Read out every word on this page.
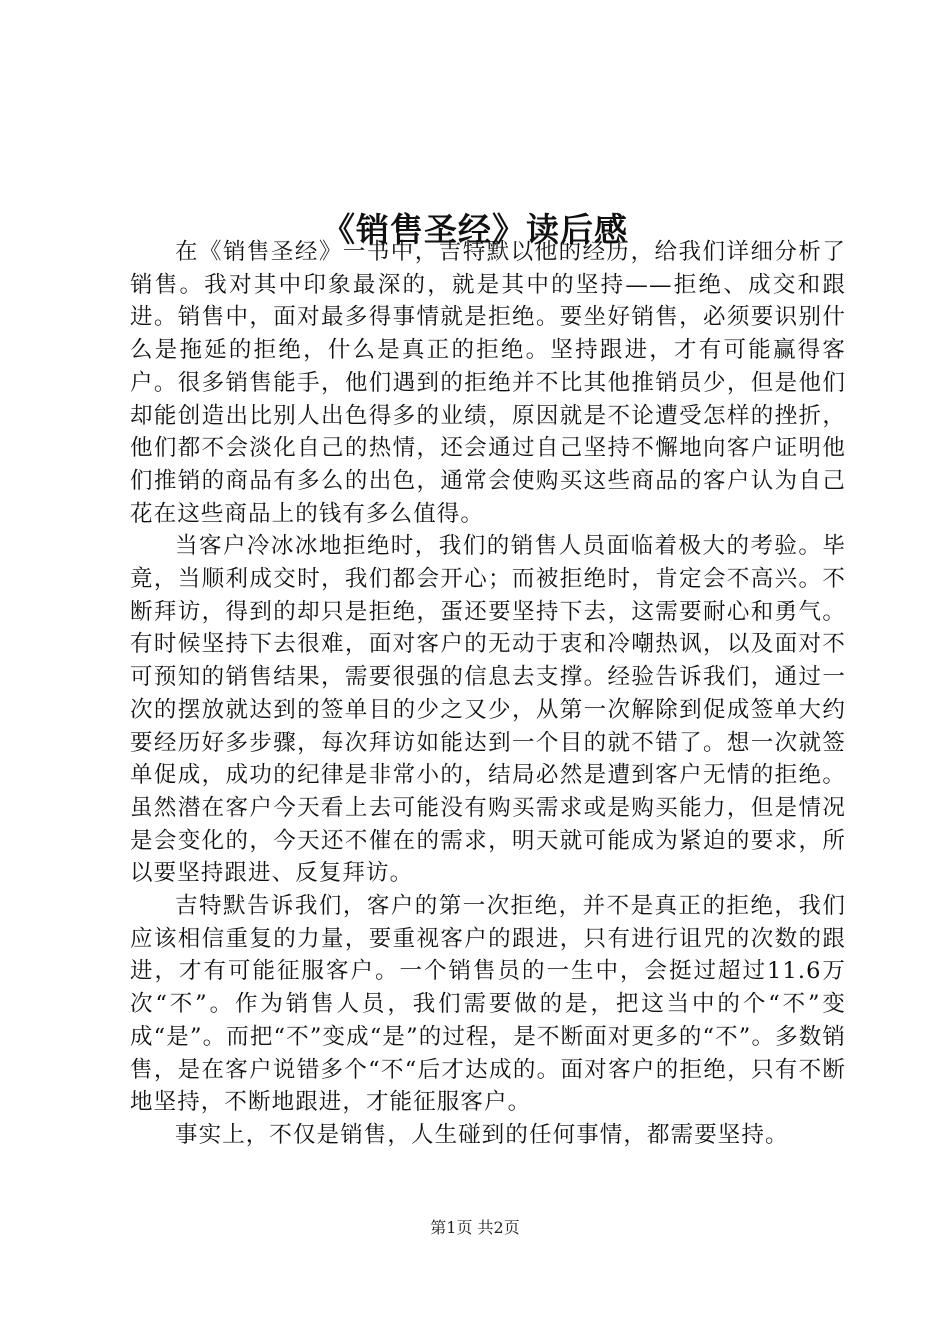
《销售圣经》读后感

在《销售圣经》一书中，吉特默以他的经历，给我们详细分析了销售。我对其中印象最深的，就是其中的坚持——拒绝、成交和跟进。销售中，面对最多得事情就是拒绝。要坐好销售，必须要识别什么是拖延的拒绝，什么是真正的拒绝。坚持跟进，才有可能赢得客户。很多销售能手，他们遇到的拒绝并不比其他推销员少，但是他们却能创造出比别人出色得多的业绩，原因就是不论遭受怎样的挫折，他们都不会淡化自己的热情，还会通过自己坚持不懈地向客户证明他们推销的商品有多么的出色，通常会使购买这些商品的客户认为自己花在这些商品上的钱有多么值得。

当客户冷冰冰地拒绝时，我们的销售人员面临着极大的考验。毕竟，当顺利成交时，我们都会开心；而被拒绝时，肯定会不高兴。不断拜访，得到的却只是拒绝，蛋还要坚持下去，这需要耐心和勇气。有时候坚持下去很难，面对客户的无动于衷和冷嘲热讽，以及面对不可预知的销售结果，需要很强的信息去支撑。经验告诉我们，通过一次的摆放就达到的签单目的少之又少，从第一次解除到促成签单大约要经历好多步骤，每次拜访如能达到一个目的就不错了。想一次就签单促成，成功的纪律是非常小的，结局必然是遭到客户无情的拒绝。虽然潜在客户今天看上去可能没有购买需求或是购买能力，但是情况是会变化的，今天还不催在的需求，明天就可能成为紧迫的要求，所以要坚持跟进、反复拜访。

吉特默告诉我们，客户的第一次拒绝，并不是真正的拒绝，我们应该相信重复的力量，要重视客户的跟进，只有进行诅咒的次数的跟进，才有可能征服客户。一个销售员的一生中，会挺过超过11.6万次“不”。作为销售人员，我们需要做的是，把这当中的个“不”变成“是”。而把“不”变成“是”的过程，是不断面对更多的“不”。多数销售，是在客户说错多个“不“后才达成的。面对客户的拒绝，只有不断地坚持，不断地跟进，才能征服客户。

事实上，不仅是销售，人生碰到的任何事情，都需要坚持。

第1页 共2页
